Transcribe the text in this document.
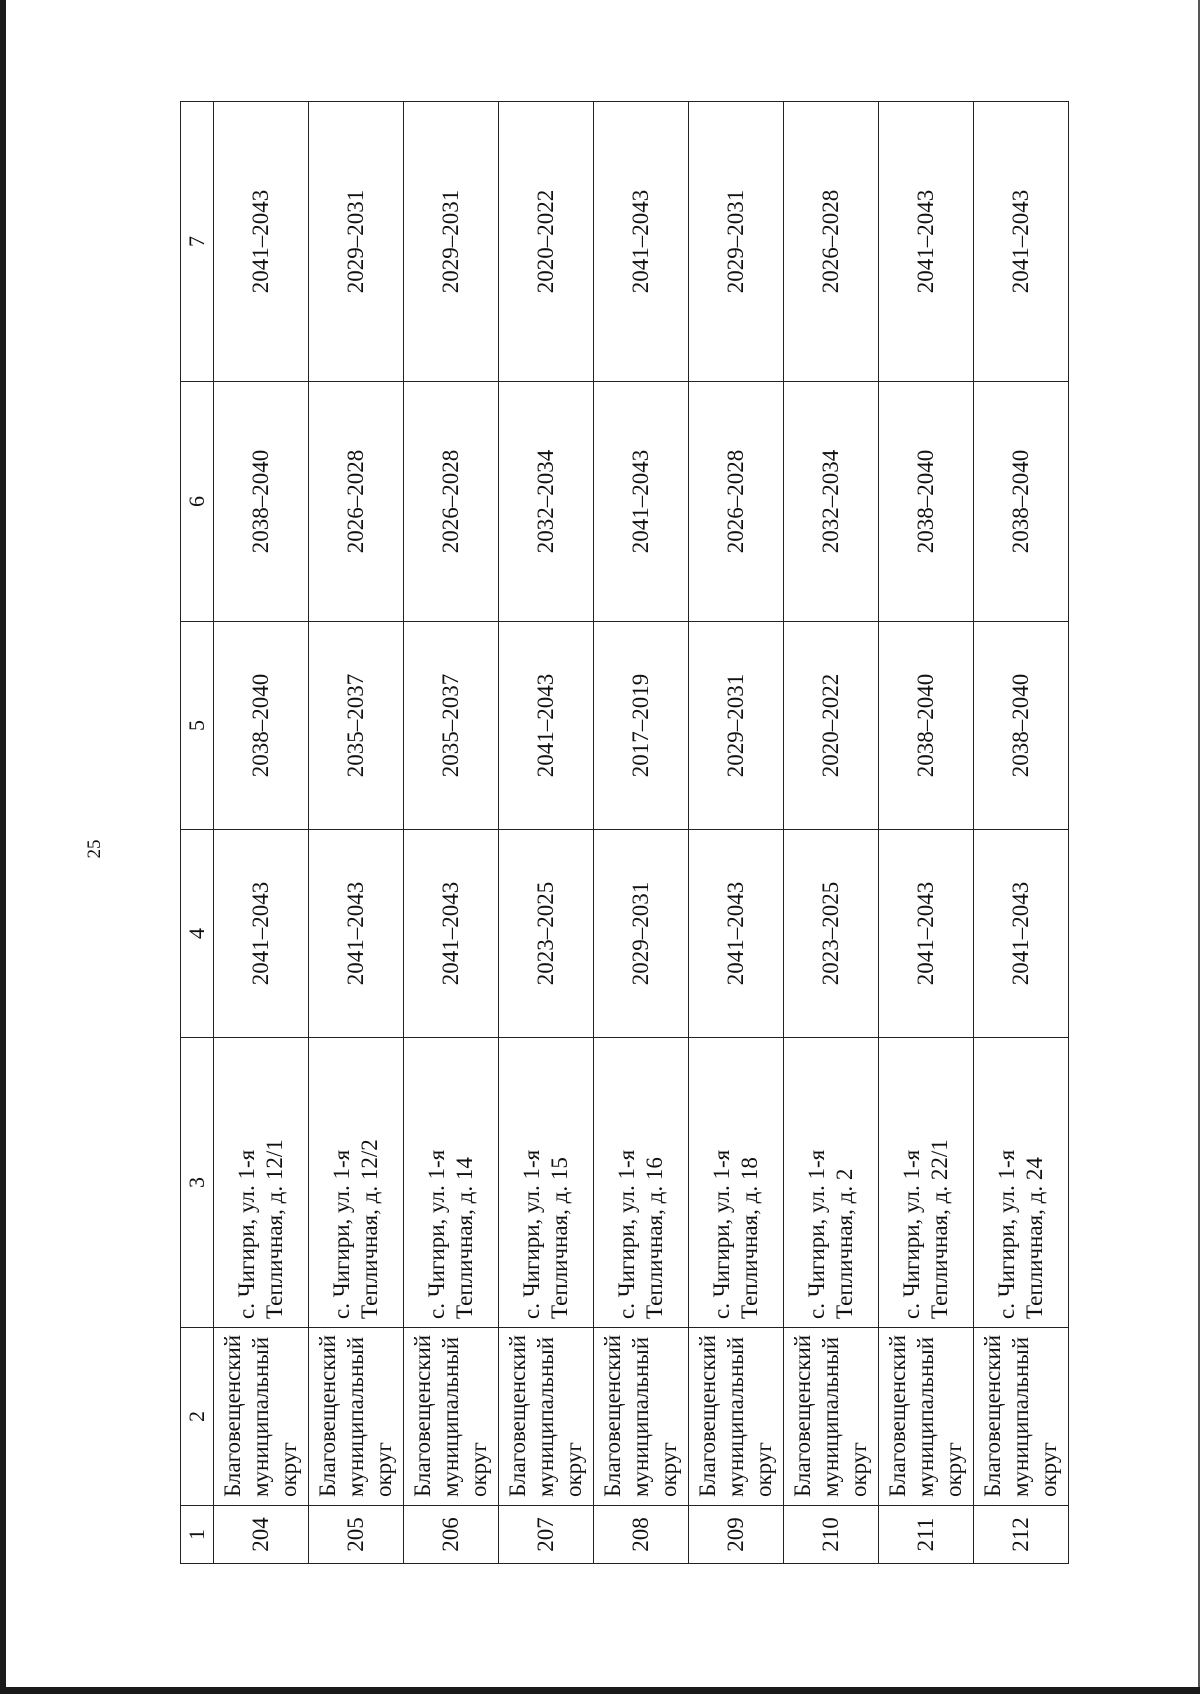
25
1	2	3	4	5	6	7
204	Благовещенский муниципальный округ	с. Чигири, ул. 1-я Тепличная, д. 12/1	2041–2043	2038–2040	2038–2040	2041–2043
205	Благовещенский муниципальный округ	с. Чигири, ул. 1-я Тепличная, д. 12/2	2041–2043	2035–2037	2026–2028	2029–2031
206	Благовещенский муниципальный округ	с. Чигири, ул. 1-я Тепличная, д. 14	2041–2043	2035–2037	2026–2028	2029–2031
207	Благовещенский муниципальный округ	с. Чигири, ул. 1-я Тепличная, д. 15	2023–2025	2041–2043	2032–2034	2020–2022
208	Благовещенский муниципальный округ	с. Чигири, ул. 1-я Тепличная, д. 16	2029–2031	2017–2019	2041–2043	2041–2043
209	Благовещенский муниципальный округ	с. Чигири, ул. 1-я Тепличная, д. 18	2041–2043	2029–2031	2026–2028	2029–2031
210	Благовещенский муниципальный округ	с. Чигири, ул. 1-я Тепличная, д. 2	2023–2025	2020–2022	2032–2034	2026–2028
211	Благовещенский муниципальный округ	с. Чигири, ул. 1-я Тепличная, д. 22/1	2041–2043	2038–2040	2038–2040	2041–2043
212	Благовещенский муниципальный округ	с. Чигири, ул. 1-я Тепличная, д. 24	2041–2043	2038–2040	2038–2040	2041–2043
